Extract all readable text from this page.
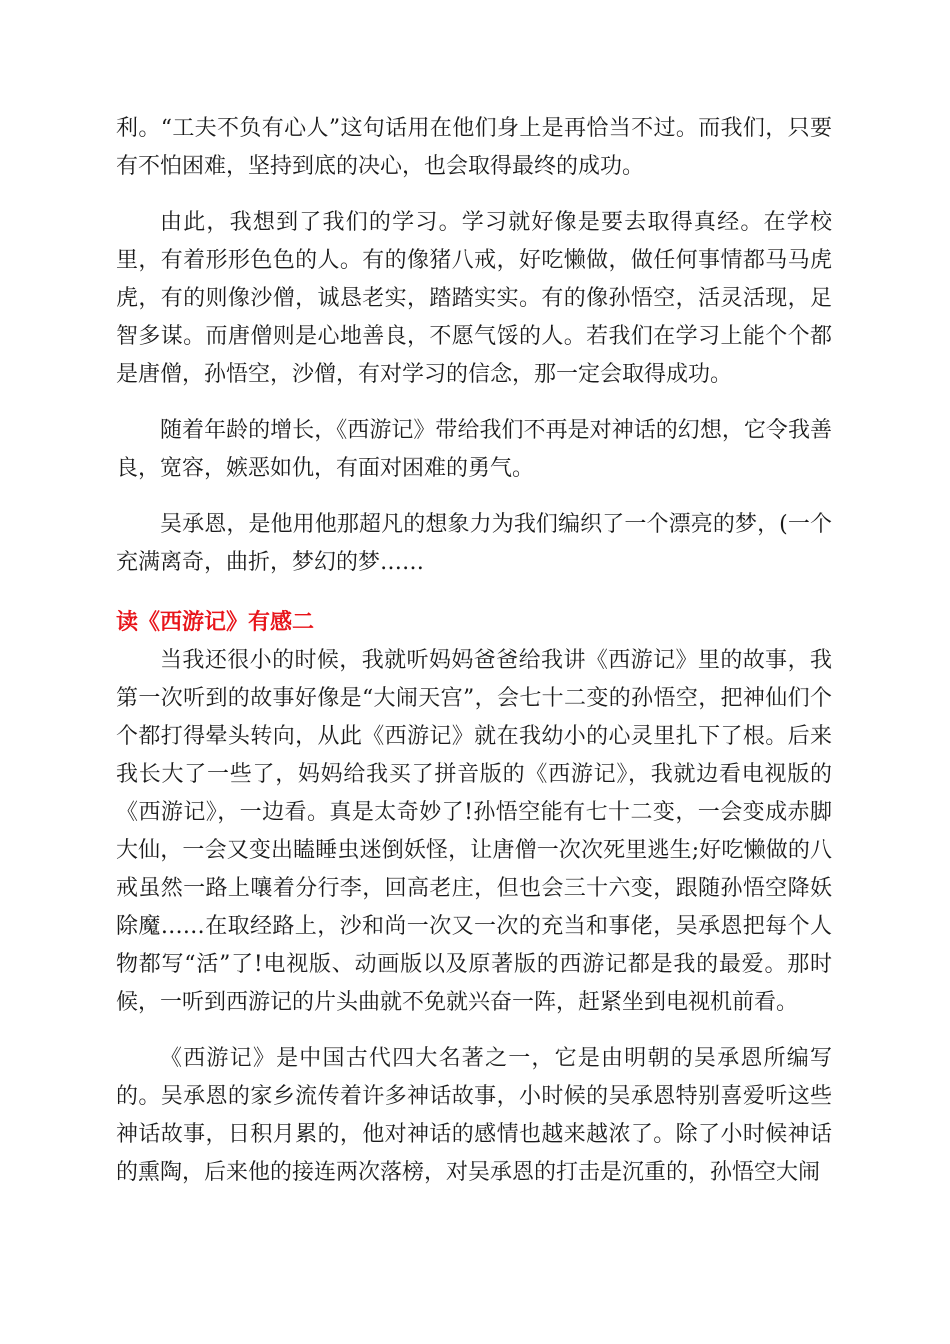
利。“工夫不负有心人”这句话用在他们身上是再恰当不过。而我们，只要有不怕困难，坚持到底的决心，也会取得最终的成功。

由此，我想到了我们的学习。学习就好像是要去取得真经。在学校里，有着形形色色的人。有的像猪八戒，好吃懒做，做任何事情都马马虎虎，有的则像沙僧，诚恳老实，踏踏实实。有的像孙悟空，活灵活现，足智多谋。而唐僧则是心地善良，不愿气馁的人。若我们在学习上能个个都是唐僧，孙悟空，沙僧，有对学习的信念，那一定会取得成功。

随着年龄的增长，《西游记》带给我们不再是对神话的幻想，它令我善良，宽容，嫉恶如仇，有面对困难的勇气。

吴承恩，是他用他那超凡的想象力为我们编织了一个漂亮的梦，(一个充满离奇，曲折，梦幻的梦……

读《西游记》有感二

当我还很小的时候，我就听妈妈爸爸给我讲《西游记》里的故事，我第一次听到的故事好像是“大闹天宫”，会七十二变的孙悟空，把神仙们个个都打得晕头转向，从此《西游记》就在我幼小的心灵里扎下了根。后来我长大了一些了，妈妈给我买了拼音版的《西游记》，我就边看电视版的《西游记》，一边看。真是太奇妙了!孙悟空能有七十二变，一会变成赤脚大仙，一会又变出瞌睡虫迷倒妖怪，让唐僧一次次死里逃生;好吃懒做的八戒虽然一路上嚷着分行李，回高老庄，但也会三十六变，跟随孙悟空降妖除魔……在取经路上，沙和尚一次又一次的充当和事佬，吴承恩把每个人物都写“活”了!电视版、动画版以及原著版的西游记都是我的最爱。那时候，一听到西游记的片头曲就不免就兴奋一阵，赶紧坐到电视机前看。

《西游记》是中国古代四大名著之一，它是由明朝的吴承恩所编写的。吴承恩的家乡流传着许多神话故事，小时候的吴承恩特别喜爱听这些神话故事，日积月累的，他对神话的感情也越来越浓了。除了小时候神话的熏陶，后来他的接连两次落榜，对吴承恩的打击是沉重的，孙悟空大闹
